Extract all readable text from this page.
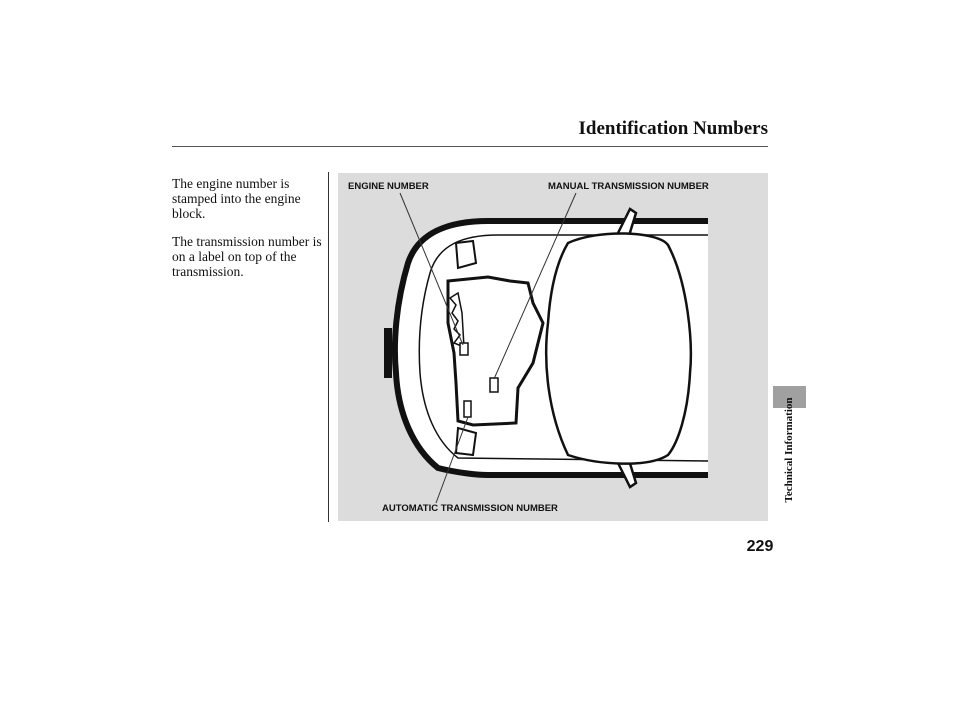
Identification Numbers

The engine number is stamped into the engine block.

The transmission number is on a label on top of the transmission.

ENGINE NUMBER	MANUAL TRANSMISSION NUMBER
AUTOMATIC TRANSMISSION NUMBER
Technical Information
229
